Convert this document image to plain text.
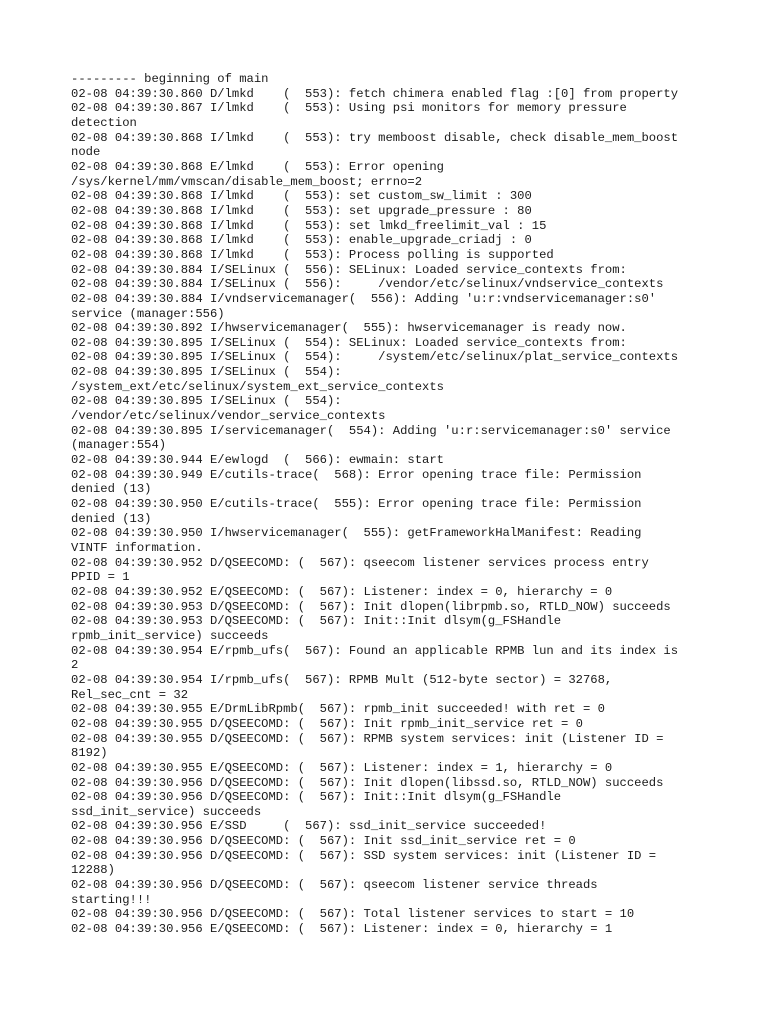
--------- beginning of main
02-08 04:39:30.860 D/lmkd    (  553): fetch chimera enabled flag :[0] from property
02-08 04:39:30.867 I/lmkd    (  553): Using psi monitors for memory pressure
detection
02-08 04:39:30.868 I/lmkd    (  553): try memboost disable, check disable_mem_boost
node
02-08 04:39:30.868 E/lmkd    (  553): Error opening
/sys/kernel/mm/vmscan/disable_mem_boost; errno=2
02-08 04:39:30.868 I/lmkd    (  553): set custom_sw_limit : 300
02-08 04:39:30.868 I/lmkd    (  553): set upgrade_pressure : 80
02-08 04:39:30.868 I/lmkd    (  553): set lmkd_freelimit_val : 15
02-08 04:39:30.868 I/lmkd    (  553): enable_upgrade_criadj : 0
02-08 04:39:30.868 I/lmkd    (  553): Process polling is supported
02-08 04:39:30.884 I/SELinux (  556): SELinux: Loaded service_contexts from:
02-08 04:39:30.884 I/SELinux (  556):     /vendor/etc/selinux/vndservice_contexts
02-08 04:39:30.884 I/vndservicemanager(  556): Adding 'u:r:vndservicemanager:s0'
service (manager:556)
02-08 04:39:30.892 I/hwservicemanager(  555): hwservicemanager is ready now.
02-08 04:39:30.895 I/SELinux (  554): SELinux: Loaded service_contexts from:
02-08 04:39:30.895 I/SELinux (  554):     /system/etc/selinux/plat_service_contexts
02-08 04:39:30.895 I/SELinux (  554):
/system_ext/etc/selinux/system_ext_service_contexts
02-08 04:39:30.895 I/SELinux (  554):
/vendor/etc/selinux/vendor_service_contexts
02-08 04:39:30.895 I/servicemanager(  554): Adding 'u:r:servicemanager:s0' service
(manager:554)
02-08 04:39:30.944 E/ewlogd  (  566): ewmain: start
02-08 04:39:30.949 E/cutils-trace(  568): Error opening trace file: Permission
denied (13)
02-08 04:39:30.950 E/cutils-trace(  555): Error opening trace file: Permission
denied (13)
02-08 04:39:30.950 I/hwservicemanager(  555): getFrameworkHalManifest: Reading
VINTF information.
02-08 04:39:30.952 D/QSEECOMD: (  567): qseecom listener services process entry
PPID = 1
02-08 04:39:30.952 E/QSEECOMD: (  567): Listener: index = 0, hierarchy = 0
02-08 04:39:30.953 D/QSEECOMD: (  567): Init dlopen(librpmb.so, RTLD_NOW) succeeds
02-08 04:39:30.953 D/QSEECOMD: (  567): Init::Init dlsym(g_FSHandle
rpmb_init_service) succeeds
02-08 04:39:30.954 E/rpmb_ufs(  567): Found an applicable RPMB lun and its index is
2
02-08 04:39:30.954 I/rpmb_ufs(  567): RPMB Mult (512-byte sector) = 32768,
Rel_sec_cnt = 32
02-08 04:39:30.955 E/DrmLibRpmb(  567): rpmb_init succeeded! with ret = 0
02-08 04:39:30.955 D/QSEECOMD: (  567): Init rpmb_init_service ret = 0
02-08 04:39:30.955 D/QSEECOMD: (  567): RPMB system services: init (Listener ID =
8192)
02-08 04:39:30.955 E/QSEECOMD: (  567): Listener: index = 1, hierarchy = 0
02-08 04:39:30.956 D/QSEECOMD: (  567): Init dlopen(libssd.so, RTLD_NOW) succeeds
02-08 04:39:30.956 D/QSEECOMD: (  567): Init::Init dlsym(g_FSHandle
ssd_init_service) succeeds
02-08 04:39:30.956 E/SSD     (  567): ssd_init_service succeeded!
02-08 04:39:30.956 D/QSEECOMD: (  567): Init ssd_init_service ret = 0
02-08 04:39:30.956 D/QSEECOMD: (  567): SSD system services: init (Listener ID =
12288)
02-08 04:39:30.956 D/QSEECOMD: (  567): qseecom listener service threads
starting!!!
02-08 04:39:30.956 D/QSEECOMD: (  567): Total listener services to start = 10
02-08 04:39:30.956 E/QSEECOMD: (  567): Listener: index = 0, hierarchy = 1
